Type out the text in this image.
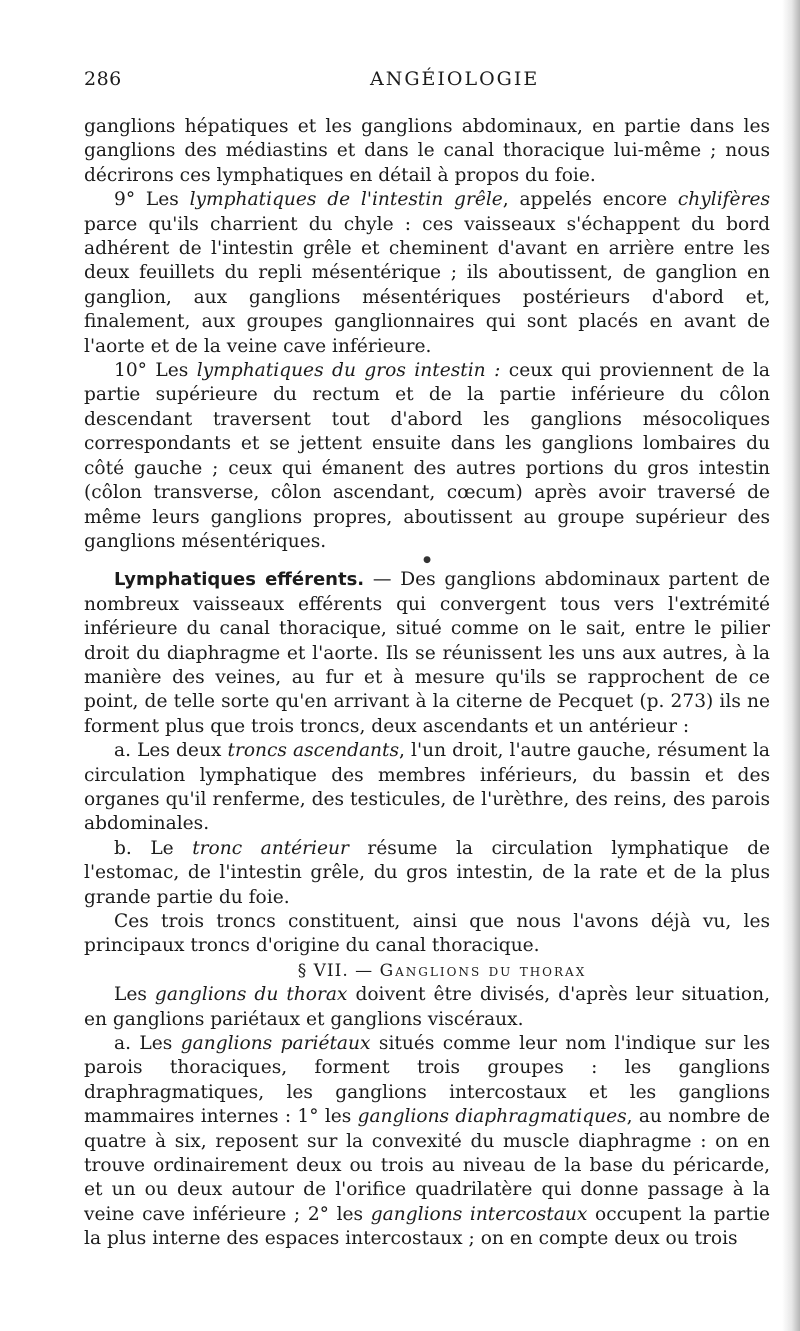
286	ANGÉIOLOGIE

ganglions hépatiques et les ganglions abdominaux, en partie dans les ganglions des médiastins et dans le canal thoracique lui-même ; nous décrirons ces lymphatiques en détail à propos du foie.

9° Les lymphatiques de l'intestin grêle, appelés encore chylifères parce qu'ils charrient du chyle : ces vaisseaux s'échappent du bord adhérent de l'intestin grêle et cheminent d'avant en arrière entre les deux feuillets du repli mésentérique ; ils aboutissent, de ganglion en ganglion, aux ganglions mésentériques postérieurs d'abord et, finalement, aux groupes ganglionnaires qui sont placés en avant de l'aorte et de la veine cave inférieure.

10° Les lymphatiques du gros intestin : ceux qui proviennent de la partie supérieure du rectum et de la partie inférieure du côlon descendant traversent tout d'abord les ganglions mésocoliques correspondants et se jettent ensuite dans les ganglions lombaires du côté gauche ; ceux qui émanent des autres portions du gros intestin (côlon transverse, côlon ascendant, cœcum) après avoir traversé de même leurs ganglions propres, aboutissent au groupe supérieur des ganglions mésentériques.

●

Lymphatiques efférents. — Des ganglions abdominaux partent de nombreux vaisseaux efférents qui convergent tous vers l'extrémité inférieure du canal thoracique, situé comme on le sait, entre le pilier droit du diaphragme et l'aorte. Ils se réunissent les uns aux autres, à la manière des veines, au fur et à mesure qu'ils se rapprochent de ce point, de telle sorte qu'en arrivant à la citerne de Pecquet (p. 273) ils ne forment plus que trois troncs, deux ascendants et un antérieur :

a. Les deux troncs ascendants, l'un droit, l'autre gauche, résument la circulation lymphatique des membres inférieurs, du bassin et des organes qu'il renferme, des testicules, de l'urèthre, des reins, des parois abdominales.

b. Le tronc antérieur résume la circulation lymphatique de l'estomac, de l'intestin grêle, du gros intestin, de la rate et de la plus grande partie du foie.

Ces trois troncs constituent, ainsi que nous l'avons déjà vu, les principaux troncs d'origine du canal thoracique.

§ VII. — Ganglions du thorax

Les ganglions du thorax doivent être divisés, d'après leur situation, en ganglions pariétaux et ganglions viscéraux.

a. Les ganglions pariétaux situés comme leur nom l'indique sur les parois thoraciques, forment trois groupes : les ganglions draphragmatiques, les ganglions intercostaux et les ganglions mammaires internes : 1° les ganglions diaphragmatiques, au nombre de quatre à six, reposent sur la convexité du muscle diaphragme : on en trouve ordinairement deux ou trois au niveau de la base du péricarde, et un ou deux autour de l'orifice quadrilatère qui donne passage à la veine cave inférieure ; 2° les ganglions intercostaux occupent la partie la plus interne des espaces intercostaux ; on en compte deux ou trois
